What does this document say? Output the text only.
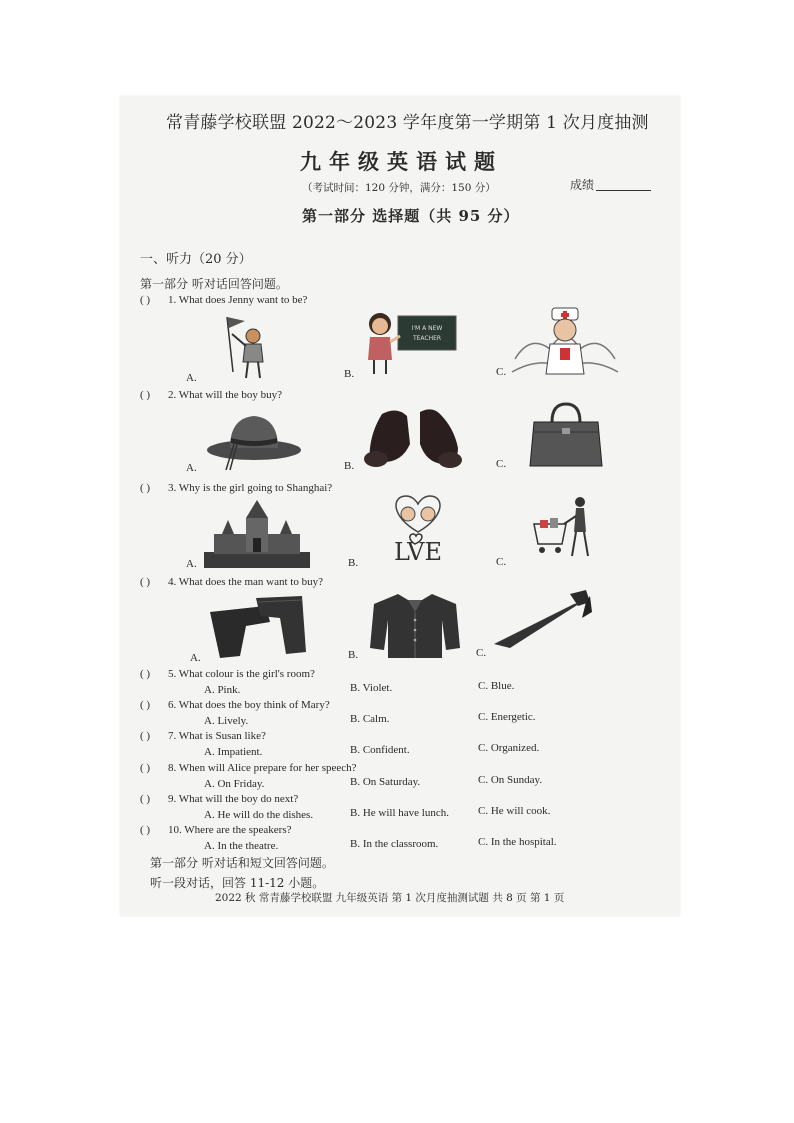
常青藤学校联盟 2022～2023 学年度第一学期第 1 次月度抽测
九年级英语试题
（考试时间：120 分钟，满分：150 分）	成绩
第一部分 选择题（共 95 分）
一、听力（20 分）
第一部分 听对话回答问题。
( ) 1. What does Jenny want to be?
A.	B.	C.
I'M A NEW
TEACHER
( ) 2. What will the boy buy?
A.	B.	C.
( ) 3. Why is the girl going to Shanghai?
A.	B.	C.
LVE
( ) 4. What does the man want to buy?
A.	B.	C.
( ) 5. What colour is the girl's room?
A. Pink.	B. Violet.	C. Blue.
( ) 6. What does the boy think of Mary?
A. Lively.	B. Calm.	C. Energetic.
( ) 7. What is Susan like?
A. Impatient.	B. Confident.	C. Organized.
( ) 8. When will Alice prepare for her speech?
A. On Friday.	B. On Saturday.	C. On Sunday.
( ) 9. What will the boy do next?
A. He will do the dishes.	B. He will have lunch.	C. He will cook.
( ) 10. Where are the speakers?
A. In the theatre.	B. In the classroom.	C. In the hospital.
第一部分 听对话和短文回答问题。
听一段对话，回答 11-12 小题。
2022 秋 常青藤学校联盟 九年级英语 第 1 次月度抽测试题 共 8 页 第 1 页
